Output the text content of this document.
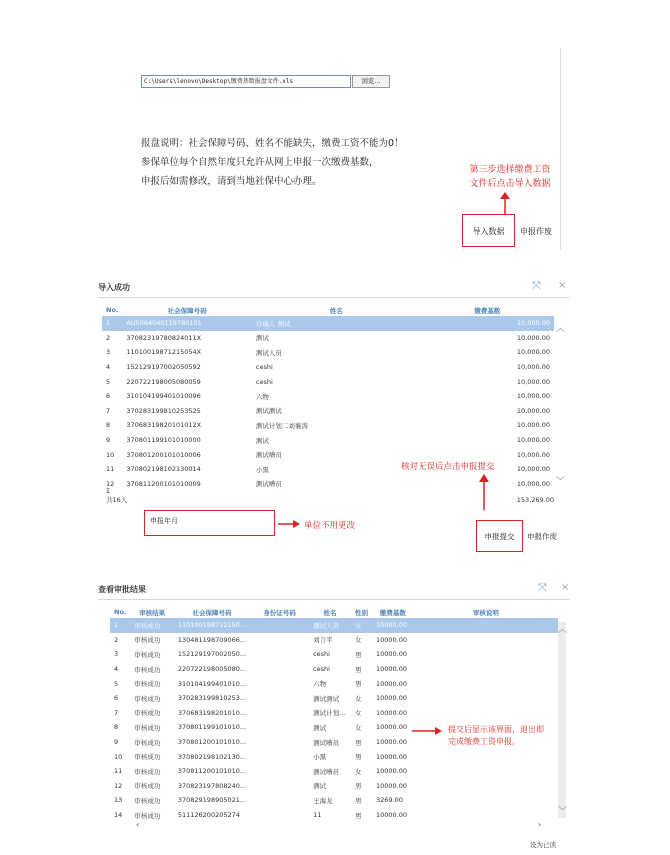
C:\Users\lenovo\Desktop\缴费基数报盘文件.xls	浏览...
报盘说明：社会保障号码、姓名不能缺失，缴费工资不能为0！
参保单位每个自然年度只允许从网上申报一次缴费基数，
申报后如需修改，请到当地社保中心办理。
第三步选择缴费工资
文件后点击导入数据
导入数据	申报作废
导入成功	⤧ ×
No.	社会保障号码	姓名	缴费基数
1	AU5064040119780101	许瑞人 测试	10,000.00
2	37082319780824011X	测试	10,000.00
3	11010019871215054X	测试人员	10,000.00
4	152129197002050592	ceshi	10,000.00
5	220722198005080059	ceshi	10,000.00
6	310104199401010096	六物	10,000.00
7	370283199810253525	测试测试	10,000.00
8	37068319820101012X	测试计划二刘襄涛	10,000.00
9	370801199101010000	测试	10,000.00
10	370801200101010006	测试嘈员	10,000.00
11	370802198102130014	小黑	10,000.00
12	370811200101010009	测试嘈员	10,000.00
Σ
共16人	153,269.00
︿
﹀
申报年月	单位不用更改
核对无误后点击申报提交
申报提交	申报作废
查看审批结果	⤧ ×
No.	审核结果	社会保障号码	身份证号码	姓名	性别	缴费基数	审核说明
1	审核成功	110100198712150...		测试人员	女	10000.00	
2	审核成功	130481198709066...		刘言平	女	10000.00	
3	审核成功	152129197002050...		ceshi	男	10000.00	
4	审核成功	220722198005080...		ceshi	男	10000.00	
5	审核成功	310104199401010...		六物	男	10000.00	
6	审核成功	370283199810253...		测试测试	女	10000.00	
7	审核成功	370683198201010...		测试计划...	女	10000.00	
8	审核成功	370801199101010...		测试	女	10000.00	
9	审核成功	370801200101010...		测试嘈员	男	10000.00	
10	审核成功	370802198102130...		小黑	男	10000.00	
11	审核成功	370811200101010...		测试嘈员	女	10000.00	
12	审核成功	370823197808240...		测试	男	10000.00	
13	审核成功	370829198905021...		王海龙	男	3269.00	
14	审核成功	511126200205274		11	男	10000.00	
︿
﹀
‹	›
提交后显示该界面，退出即
完成缴费工资申报。
设为已读
